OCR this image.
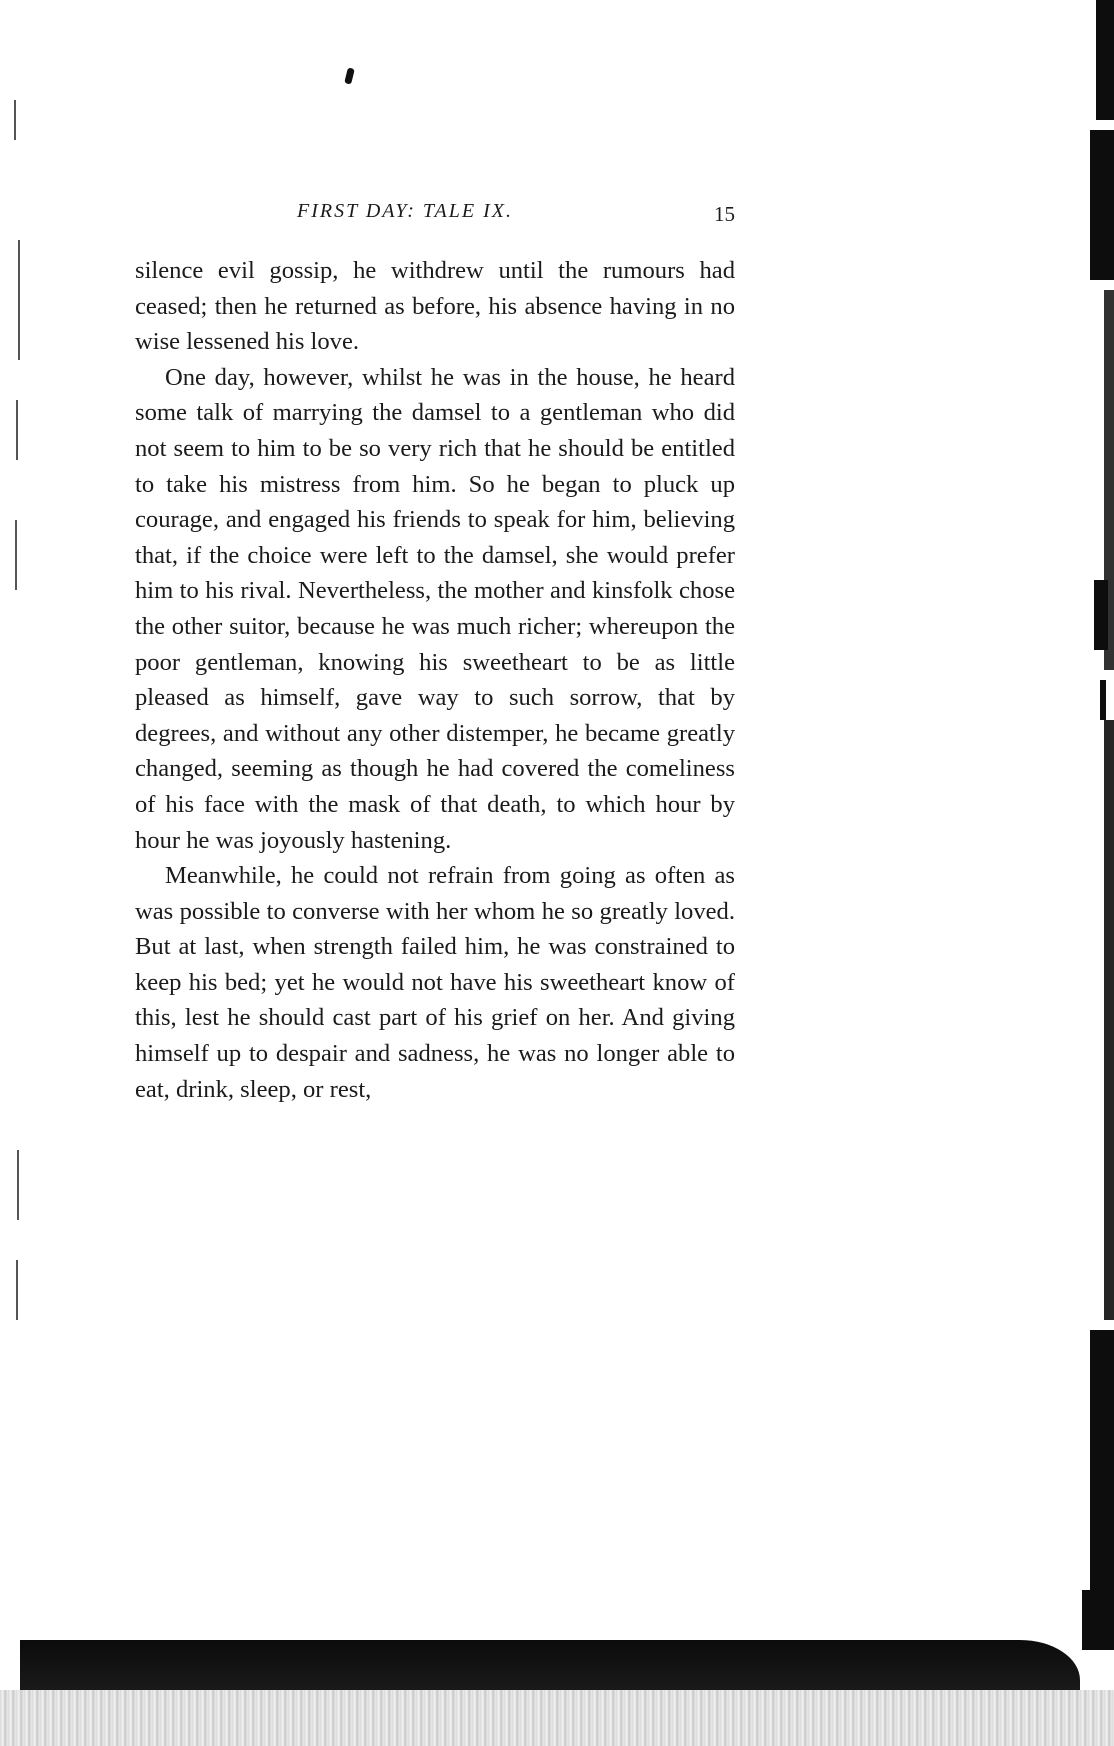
FIRST DAY: TALE IX.	15

silence evil gossip, he withdrew until the rumours had ceased; then he returned as before, his absence having in no wise lessened his love.

One day, however, whilst he was in the house, he heard some talk of marrying the damsel to a gentleman who did not seem to him to be so very rich that he should be entitled to take his mistress from him. So he began to pluck up courage, and engaged his friends to speak for him, believing that, if the choice were left to the damsel, she would prefer him to his rival. Nevertheless, the mother and kinsfolk chose the other suitor, because he was much richer; whereupon the poor gentleman, knowing his sweetheart to be as little pleased as himself, gave way to such sorrow, that by degrees, and without any other distemper, he became greatly changed, seeming as though he had covered the comeliness of his face with the mask of that death, to which hour by hour he was joyously hastening.

Meanwhile, he could not refrain from going as often as was possible to converse with her whom he so greatly loved. But at last, when strength failed him, he was constrained to keep his bed; yet he would not have his sweetheart know of this, lest he should cast part of his grief on her. And giving himself up to despair and sadness, he was no longer able to eat, drink, sleep, or rest,
